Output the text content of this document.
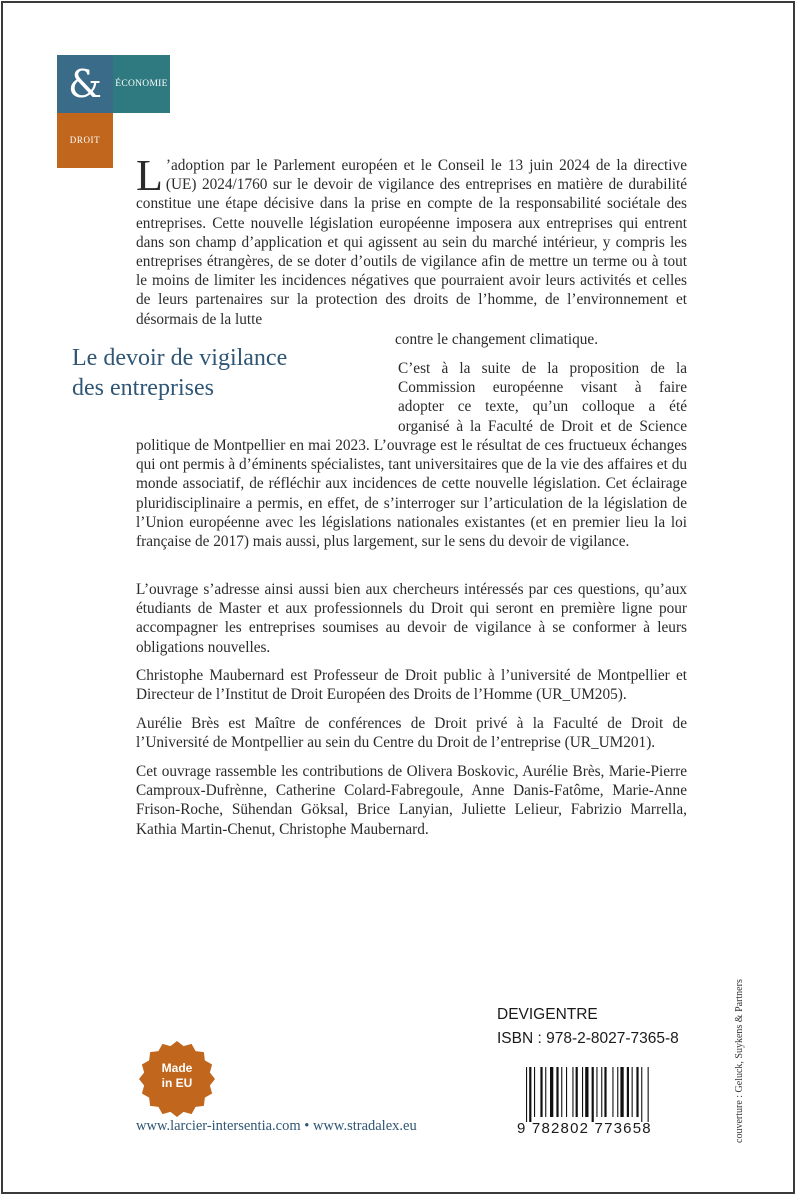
&	ÉCONOMIE
DROIT
L ’adoption par le Parlement européen et le Conseil le 13 juin 2024 de la directive (UE) 2024/1760 sur le devoir de vigilance des entreprises en matière de durabilité constitue une étape décisive dans la prise en compte de la responsabilité sociétale des entreprises. Cette nouvelle législation européenne imposera aux entreprises qui entrent dans son champ d’application et qui agissent au sein du marché intérieur, y compris les entreprises étrangères, de se doter d’outils de vigilance afin de mettre un terme ou à tout le moins de limiter les incidences négatives que pourraient avoir leurs activités et celles de leurs partenaires sur la protection des droits de l’homme, de l’environnement et désormais de la lutte
contre le changement climatique.
Le devoir de vigilance
des entreprises
C’est à la suite de la proposition de la
Commission européenne visant à faire
adopter ce texte, qu’un colloque a été
organisé à la Faculté de Droit et de Science
politique de Montpellier en mai 2023. L’ouvrage est le résultat de ces fructueux échanges qui ont permis à d’éminents spécialistes, tant universitaires que de la vie des affaires et du monde associatif, de réfléchir aux incidences de cette nouvelle législation. Cet éclairage pluridisciplinaire a permis, en effet, de s’interroger sur l’articulation de la législation de l’Union européenne avec les législations nationales existantes (et en premier lieu la loi française de 2017) mais aussi, plus largement, sur le sens du devoir de vigilance.
L’ouvrage s’adresse ainsi aussi bien aux chercheurs intéressés par ces questions, qu’aux étudiants de Master et aux professionnels du Droit qui seront en première ligne pour accompagner les entreprises soumises au devoir de vigilance à se conformer à leurs obligations nouvelles.
Christophe Maubernard est Professeur de Droit public à l’université de Montpellier et Directeur de l’Institut de Droit Européen des Droits de l’Homme (UR_UM205).
Aurélie Brès est Maître de conférences de Droit privé à la Faculté de Droit de l’Université de Montpellier au sein du Centre du Droit de l’entreprise (UR_UM201).
Cet ouvrage rassemble les contributions de Olivera Boskovic, Aurélie Brès, Marie-Pierre Camproux-Dufrènne, Catherine Colard-Fabregoule, Anne Danis-Fatôme, Marie-Anne Frison-Roche, Sühendan Göksal, Brice Lanyian, Juliette Lelieur, Fabrizio Marrella, Kathia Martin-Chenut, Christophe Maubernard.
DEVIGENTRE
ISBN : 978-2-8027-7365-8
9 782802 773658
Made
in EU
www.larcier-intersentia.com • www.stradalex.eu	couverture : Geluck, Suykens & Partners
